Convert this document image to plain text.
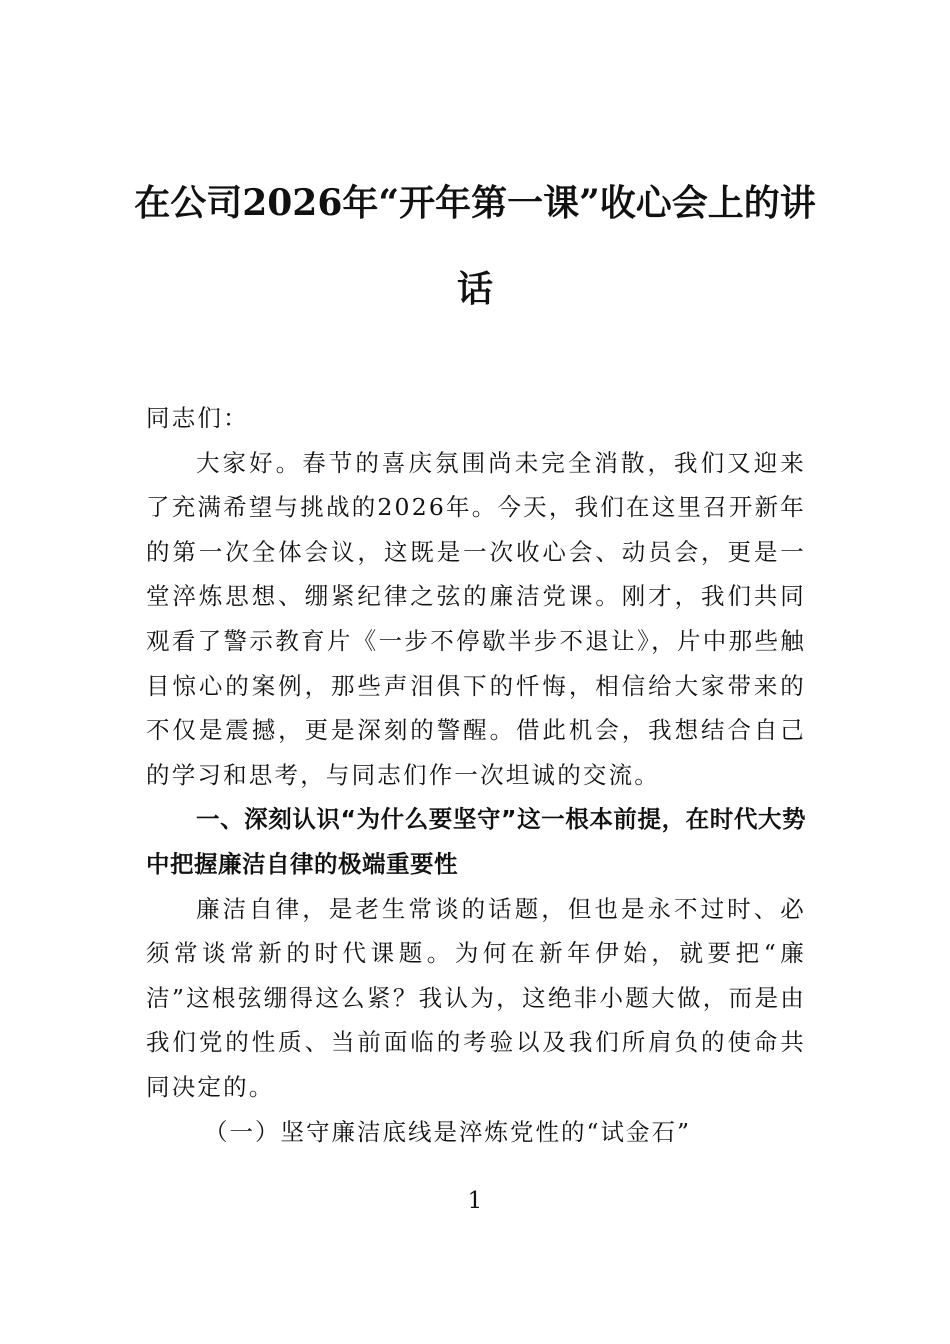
在公司2026年“开年第一课”收心会上的讲话

同志们：

大家好。春节的喜庆氛围尚未完全消散，我们又迎来了充满希望与挑战的2026年。今天，我们在这里召开新年的第一次全体会议，这既是一次收心会、动员会，更是一堂淬炼思想、绷紧纪律之弦的廉洁党课。刚才，我们共同观看了警示教育片《一步不停歇半步不退让》，片中那些触目惊心的案例，那些声泪俱下的忏悔，相信给大家带来的不仅是震撼，更是深刻的警醒。借此机会，我想结合自己的学习和思考，与同志们作一次坦诚的交流。

一、深刻认识“为什么要坚守”这一根本前提，在时代大势中把握廉洁自律的极端重要性

廉洁自律，是老生常谈的话题，但也是永不过时、必须常谈常新的时代课题。为何在新年伊始，就要把“廉洁”这根弦绷得这么紧？我认为，这绝非小题大做，而是由我们党的性质、当前面临的考验以及我们所肩负的使命共同决定的。

（一）坚守廉洁底线是淬炼党性的“试金石”

1
